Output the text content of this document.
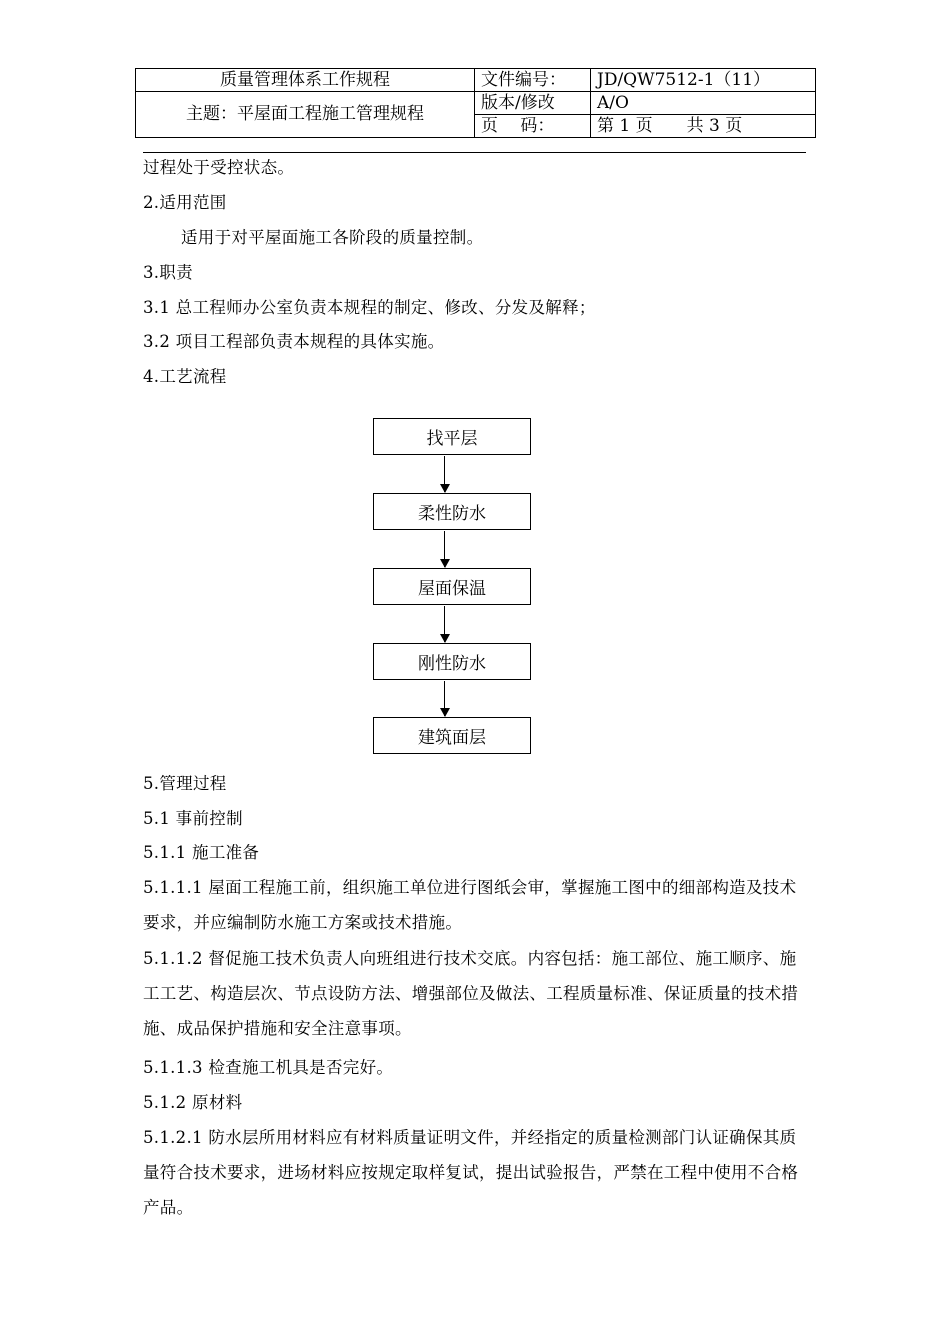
质量管理体系工作规程	文件编号：	JD/QW7512-1（11）
主题：平屋面工程施工管理规程	版本/修改	A/O
	页　 码：	第 1 页　　共 3 页

过程处于受控状态。

2.适用范围

适用于对平屋面施工各阶段的质量控制。

3.职责

3.1 总工程师办公室负责本规程的制定、修改、分发及解释；

3.2 项目工程部负责本规程的具体实施。

4.工艺流程

找平层
柔性防水
屋面保温
刚性防水
建筑面层

5.管理过程

5.1 事前控制

5.1.1 施工准备

5.1.1.1 屋面工程施工前，组织施工单位进行图纸会审，掌握施工图中的细部构造及技术要求，并应编制防水施工方案或技术措施。

5.1.1.2 督促施工技术负责人向班组进行技术交底。内容包括：施工部位、施工顺序、施工工艺、构造层次、节点设防方法、增强部位及做法、工程质量标准、保证质量的技术措施、成品保护措施和安全注意事项。

5.1.1.3 检查施工机具是否完好。

5.1.2 原材料

5.1.2.1 防水层所用材料应有材料质量证明文件，并经指定的质量检测部门认证确保其质量符合技术要求，进场材料应按规定取样复试，提出试验报告，严禁在工程中使用不合格产品。
